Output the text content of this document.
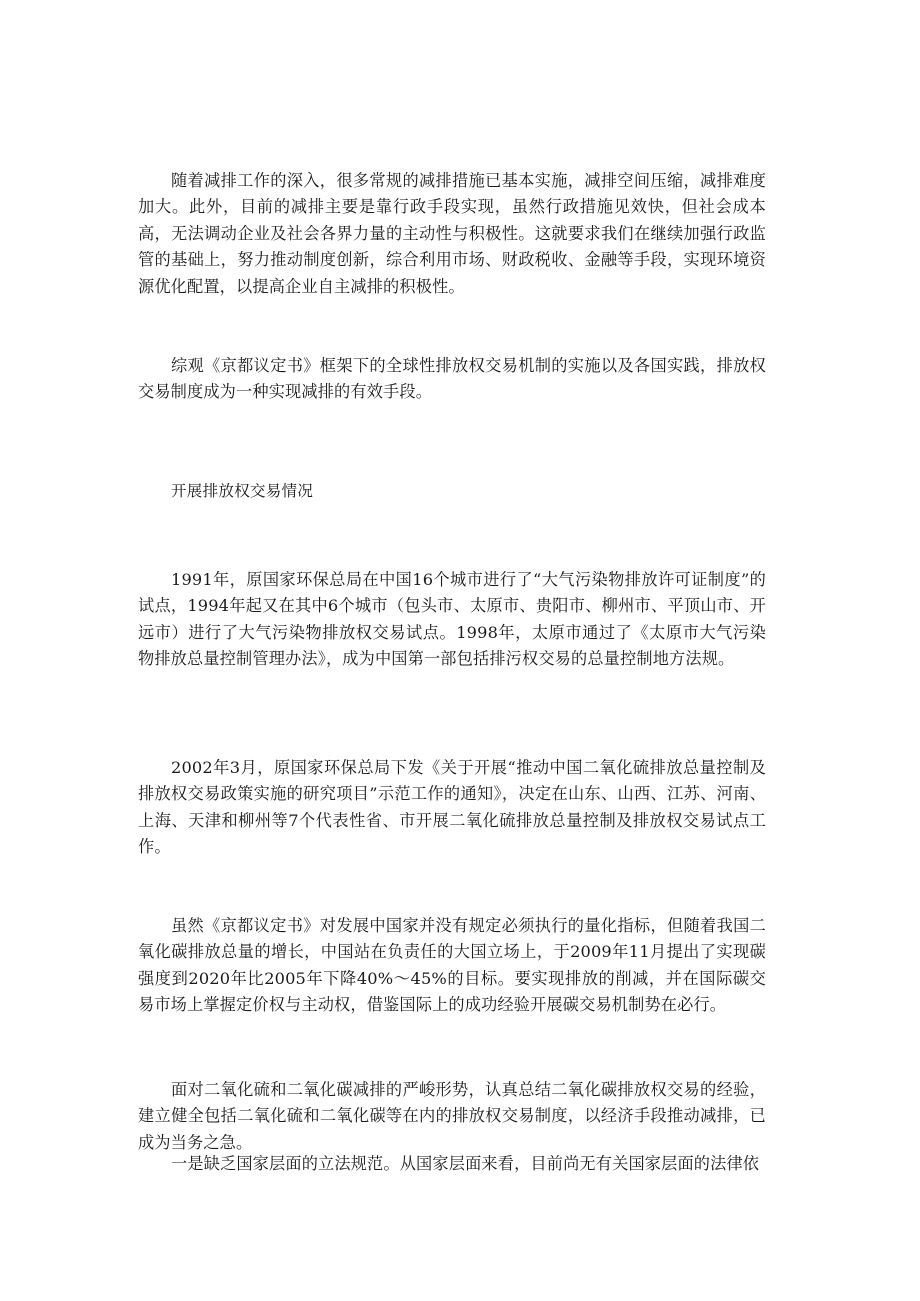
随着减排工作的深入，很多常规的减排措施已基本实施，减排空间压缩，减排难度加大。此外，目前的减排主要是靠行政手段实现，虽然行政措施见效快，但社会成本高，无法调动企业及社会各界力量的主动性与积极性。这就要求我们在继续加强行政监管的基础上，努力推动制度创新，综合利用市场、财政税收、金融等手段，实现环境资源优化配置，以提高企业自主减排的积极性。

综观《京都议定书》框架下的全球性排放权交易机制的实施以及各国实践，排放权交易制度成为一种实现减排的有效手段。

开展排放权交易情况

1991年，原国家环保总局在中国16个城市进行了“大气污染物排放许可证制度”的试点，1994年起又在其中6个城市（包头市、太原市、贵阳市、柳州市、平顶山市、开远市）进行了大气污染物排放权交易试点。1998年，太原市通过了《太原市大气污染物排放总量控制管理办法》，成为中国第一部包括排污权交易的总量控制地方法规。

2002年3月，原国家环保总局下发《关于开展“推动中国二氧化硫排放总量控制及排放权交易政策实施的研究项目”示范工作的通知》，决定在山东、山西、江苏、河南、上海、天津和柳州等7个代表性省、市开展二氧化硫排放总量控制及排放权交易试点工作。

虽然《京都议定书》对发展中国家并没有规定必须执行的量化指标，但随着我国二氧化碳排放总量的增长，中国站在负责任的大国立场上，于2009年11月提出了实现碳强度到2020年比2005年下降40%～45%的目标。要实现排放的削减，并在国际碳交易市场上掌握定价权与主动权，借鉴国际上的成功经验开展碳交易机制势在必行。

面对二氧化硫和二氧化碳减排的严峻形势，认真总结二氧化碳排放权交易的经验，建立健全包括二氧化硫和二氧化碳等在内的排放权交易制度，以经济手段推动减排，已成为当务之急。

一是缺乏国家层面的立法规范。从国家层面来看，目前尚无有关国家层面的法律依
